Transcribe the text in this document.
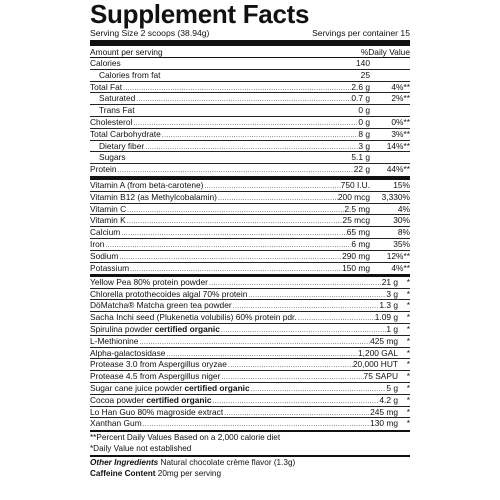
Supplement Facts
Serving Size 2 scoops (38.94g)	Servings per container 15
Amount per serving	%Daily Value
Calories	140
Calories from fat	25
Total Fat .....	2.6 g	4%**
Saturated .....	0.7 g	2%**
Trans Fat	0 g
Cholesterol .....	0 g	0%**
Total Carbohydrate .....	8 g	3%**
Dietary fiber .....	3 g	14%**
Sugars	5.1 g
Protein .....	22 g	44%**
Vitamin A (from beta-carotene) .....	750 I.U.	15%
Vitamin B12 (as Methylcobalamin) .....	200 mcg	3,330%
Vitamin C .....	2.5 mg	4%
Vitamin K .....	25 mcg	30%
Calcium .....	65 mg	8%
Iron .....	6 mg	35%
Sodium .....	290 mg	12%**
Potassium .....	150 mg	4%**
Yellow Pea 80% protein powder .....	21 g	*
Chlorella protothecoides algal 70% protein .....	3 g	*
DöMatcha® Matcha green tea powder .....	1.3 g	*
Sacha Inchi seed (Plukenetia volubilis) 60% protein pdr. .....	1.09 g	*
Spirulina powder certified organic .....	1 g	*
L-Methionine .....	425 mg	*
Alpha-galactosidase .....	1,200 GAL	*
Protease 3.0 from Aspergillus oryzae .....	20,000 HUT	*
Protease 4.5 from Aspergillus niger .....	75 SAPU	*
Sugar cane juice powder certified organic .....	5 g	*
Cocoa powder certified organic .....	4.2 g	*
Lo Han Guo 80% magroside extract .....	245 mg	*
Xanthan Gum .....	130 mg	*
**Percent Daily Values Based on a 2,000 calorie diet
*Daily Value not established
Other Ingredients Natural chocolate crème flavor (1.3g)
Caffeine Content 20mg per serving
